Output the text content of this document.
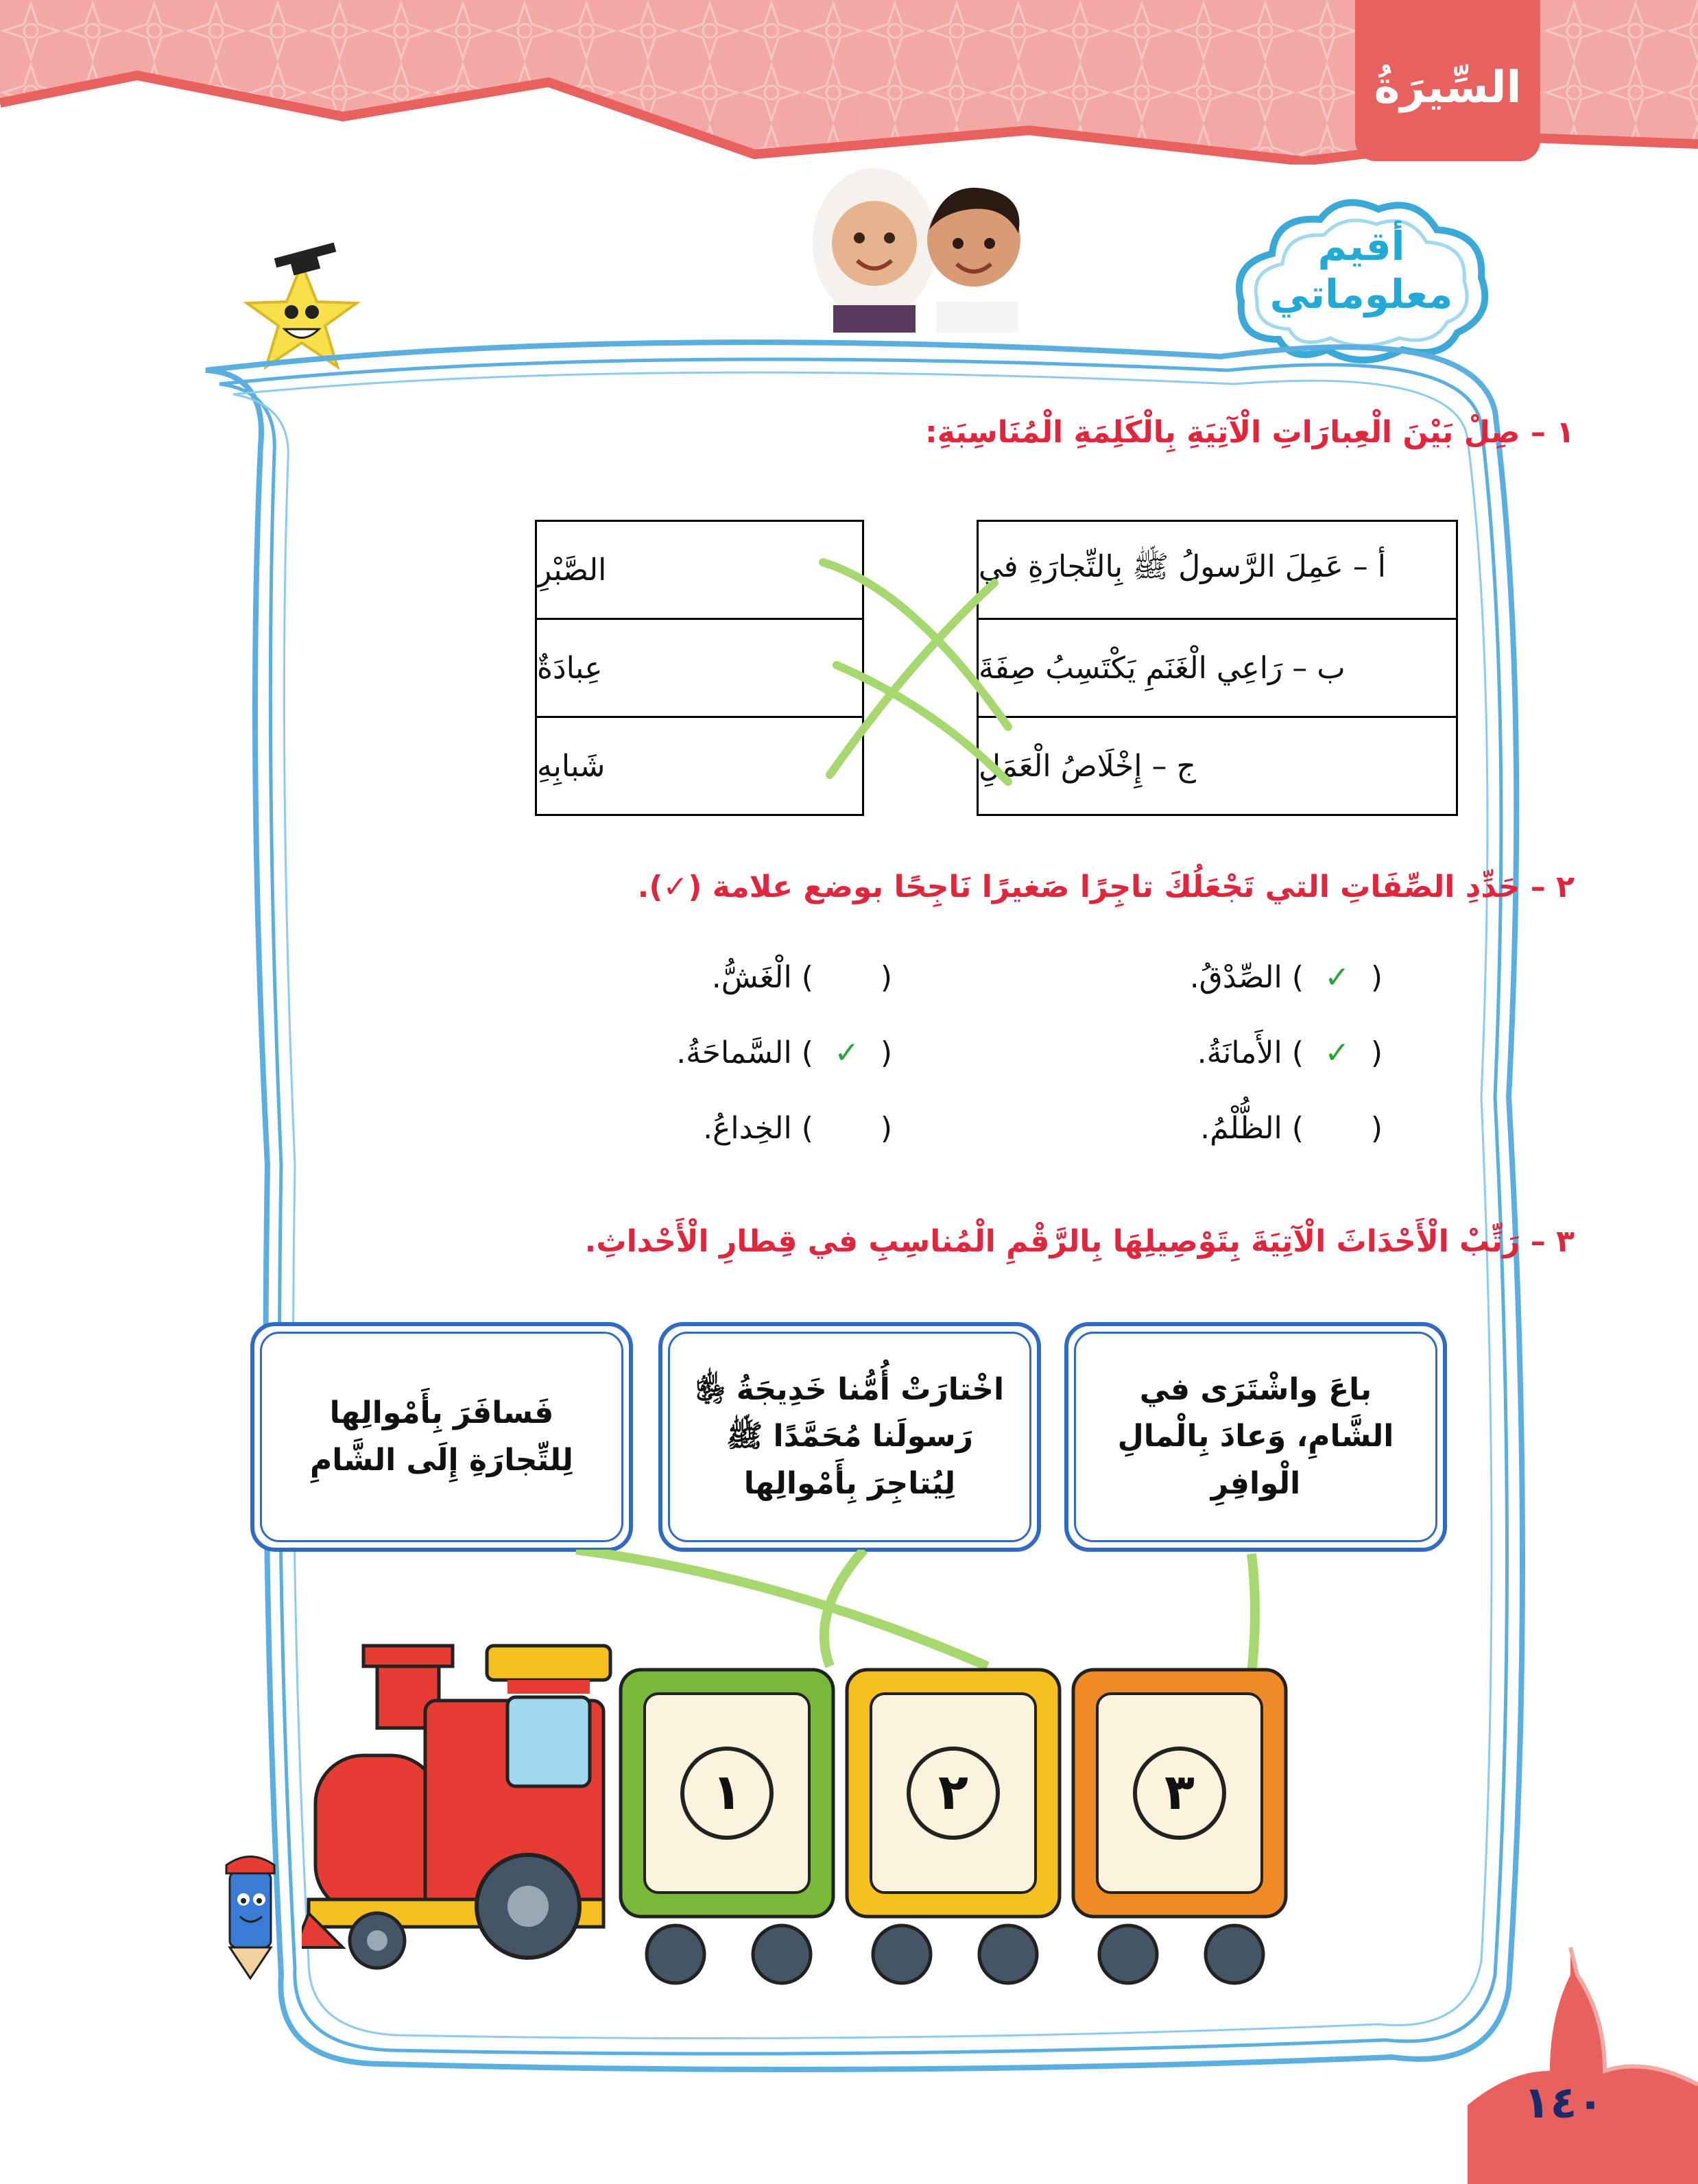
السِّيرَةُ
أقيم
معلوماتي
١ – صِلْ بَيْنَ الْعِبارَاتِ الْآتِيَةِ بِالْكَلِمَةِ الْمُنَاسِبَةِ:
أ – عَمِلَ الرَّسولُ ﷺ بِالتِّجارَةِ في
ب – رَاعِي الْغَنَمِ يَكْتَسِبُ صِفَةَ
ج – إِخْلَاصُ الْعَمَلِ
الصَّبْرِ
عِبادَةٌ
شَبابِهِ
٢ – حَدِّدِ الصِّفَاتِ التي تَجْعَلُكَ تاجِرًا صَغيرًا نَاجِحًا بوضع علامة (✓).
( ✓ ) الصِّدْقُ.
(  ) الْغَشُّ.
( ✓ ) الأَمانَةُ.
( ✓ ) السَّماحَةُ.
(  ) الظُّلْمُ.
(  ) الخِداعُ.
٣ – رَتِّبْ الْأَحْدَاثَ الْآتِيَةَ بِتَوْصِيلِهَا بِالرَّقْمِ الْمُناسِبِ في قِطارِ الْأَحْداثِ.
باعَ واشْتَرَى في الشَّامِ، وَعادَ بِالْمالِ الْوافِرِ
اخْتارَتْ أُمُّنا خَدِيجَةُ ﵂ رَسولَنا مُحَمَّدًا ﷺ لِيُتاجِرَ بِأَمْوالِها
فَسافَرَ بِأَمْوالِها لِلتِّجارَةِ إِلَى الشَّامِ
١	٢	٣
١٤٠
